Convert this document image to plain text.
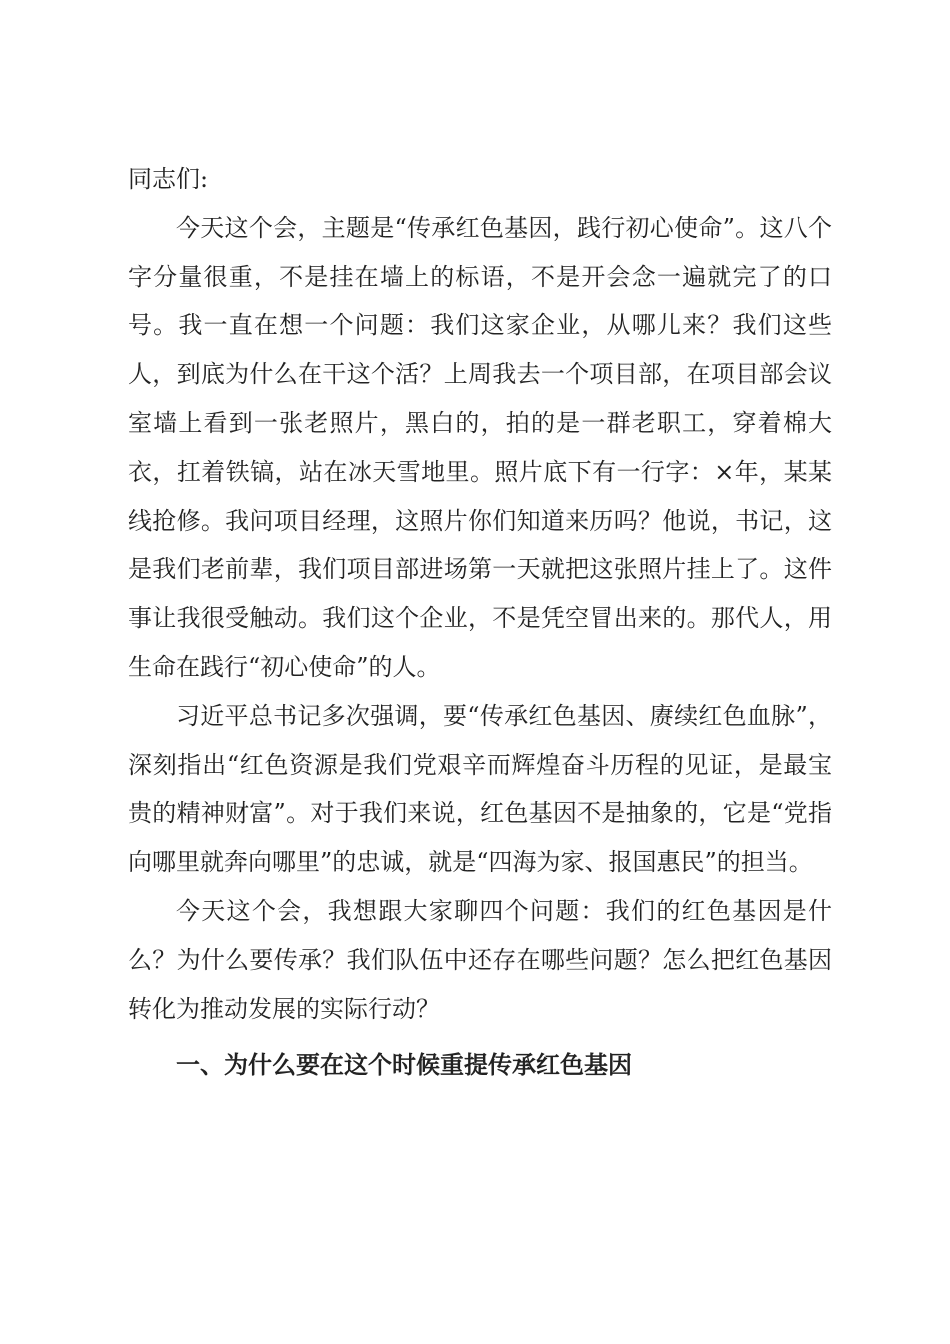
同志们:

今天这个会，主题是“传承红色基因，践行初心使命”。这八个字分量很重，不是挂在墙上的标语，不是开会念一遍就完了的口号。我一直在想一个问题：我们这家企业，从哪儿来？我们这些人，到底为什么在干这个活？上周我去一个项目部，在项目部会议室墙上看到一张老照片，黑白的，拍的是一群老职工，穿着棉大衣，扛着铁镐，站在冰天雪地里。照片底下有一行字：×年，某某线抢修。我问项目经理，这照片你们知道来历吗？他说，书记，这是我们老前辈，我们项目部进场第一天就把这张照片挂上了。这件事让我很受触动。我们这个企业，不是凭空冒出来的。那代人，用生命在践行“初心使命”的人。

习近平总书记多次强调，要“传承红色基因、赓续红色血脉”，深刻指出“红色资源是我们党艰辛而辉煌奋斗历程的见证，是最宝贵的精神财富”。对于我们来说，红色基因不是抽象的，它是“党指向哪里就奔向哪里”的忠诚，就是“四海为家、报国惠民”的担当。

今天这个会，我想跟大家聊四个问题：我们的红色基因是什么？为什么要传承？我们队伍中还存在哪些问题？怎么把红色基因转化为推动发展的实际行动？

一、为什么要在这个时候重提传承红色基因
